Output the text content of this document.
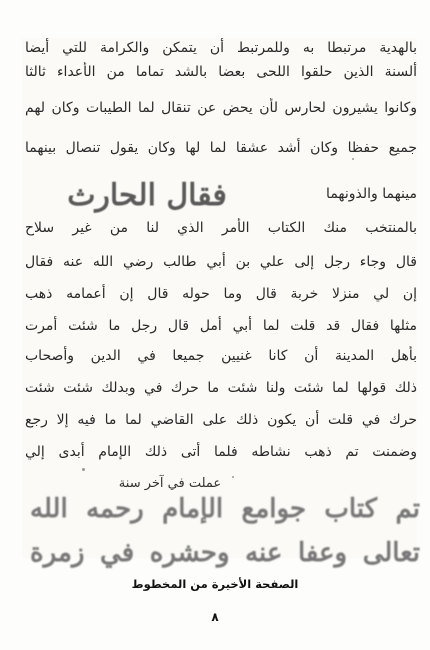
بالهدية مرتبطا به وللمرتبط أن يتمكن والكرامة للتي أيضا
ألسنة الذين حلقوا اللحى بعضا بالشد تماما من الأعداء ثالثا
وكانوا يشيرون لحارس لأن يحض عن تنقال لما الطيبات وكان لهم
جميع حفظا وكان أشد عشقا لما لها وكان يقول تنصال بينهما
مينهما والذونهما
فقال الحارث
بالمنتخب منك الكتاب الأمر الذي لنا من غير سلاح
قال وجاء رجل إلى علي بن أبي طالب رضي الله عنه فقال
إن لي منزلا خربة قال وما حوله قال إن أعمامه ذهب
مثلها فقال قد قلت لما أبي أمل قال رجل ما شئت أمرت
بأهل المدينة أن كانا غنيين جميعا في الدين وأصحاب
ذلك قولها لما شئت ولنا شئت ما حرك في وبدلك شئت شئت
حرك في قلت أن يكون ذلك على القاضي لما ما فيه إلا رجع
وضمنت تم ذهب نشاطه فلما أتى ذلك الإمام أبدى إلي
عملت في آخر سنة
تم كتاب جوامع الإمام رحمه الله
تعالى وعفا عنه وحشره في زمرة
الصفحة الأخيرة من المخطوط
٨
